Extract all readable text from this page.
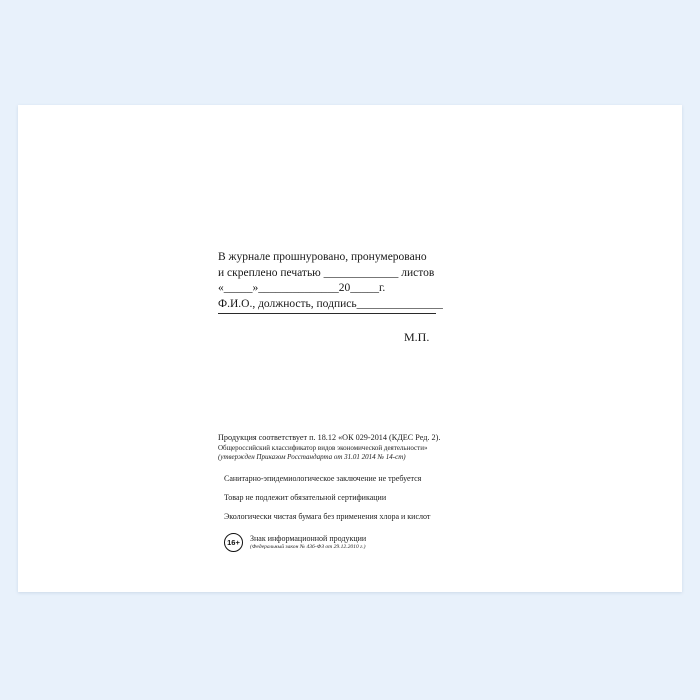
В журнале прошнуровано, пронумеровано
и скреплено печатью _____________ листов
«_____»______________20_____г.
Ф.И.О., должность, подпись_______________
М.П.
Продукция соответствует п. 18.12 «ОК 029-2014 (КДЕС Ред. 2).
Общероссийский классификатор видов экономической деятельности»
(утвержден Приказом Росстандарта от 31.01 2014 № 14-ст)
Санитарно-эпидемиологическое заключение не требуется
Товар не подлежит обязательной сертификации
Экологически чистая бумага без применения хлора и кислот
16+	Знак информационной продукции
(Федеральный закон № 436-ФЗ от 29.12.2010 г.)
